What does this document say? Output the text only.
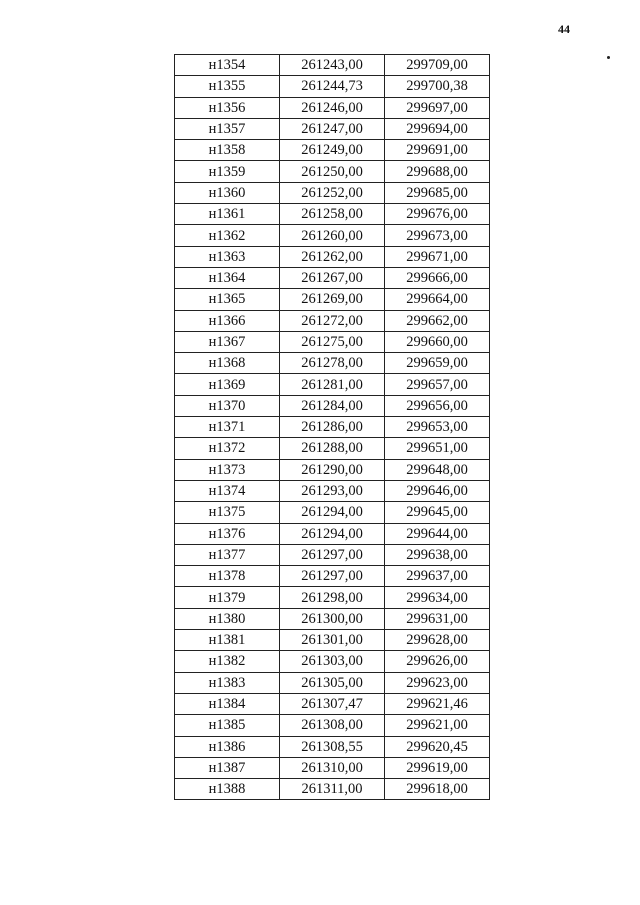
44
н1354	261243,00	299709,00
н1355	261244,73	299700,38
н1356	261246,00	299697,00
н1357	261247,00	299694,00
н1358	261249,00	299691,00
н1359	261250,00	299688,00
н1360	261252,00	299685,00
н1361	261258,00	299676,00
н1362	261260,00	299673,00
н1363	261262,00	299671,00
н1364	261267,00	299666,00
н1365	261269,00	299664,00
н1366	261272,00	299662,00
н1367	261275,00	299660,00
н1368	261278,00	299659,00
н1369	261281,00	299657,00
н1370	261284,00	299656,00
н1371	261286,00	299653,00
н1372	261288,00	299651,00
н1373	261290,00	299648,00
н1374	261293,00	299646,00
н1375	261294,00	299645,00
н1376	261294,00	299644,00
н1377	261297,00	299638,00
н1378	261297,00	299637,00
н1379	261298,00	299634,00
н1380	261300,00	299631,00
н1381	261301,00	299628,00
н1382	261303,00	299626,00
н1383	261305,00	299623,00
н1384	261307,47	299621,46
н1385	261308,00	299621,00
н1386	261308,55	299620,45
н1387	261310,00	299619,00
н1388	261311,00	299618,00
